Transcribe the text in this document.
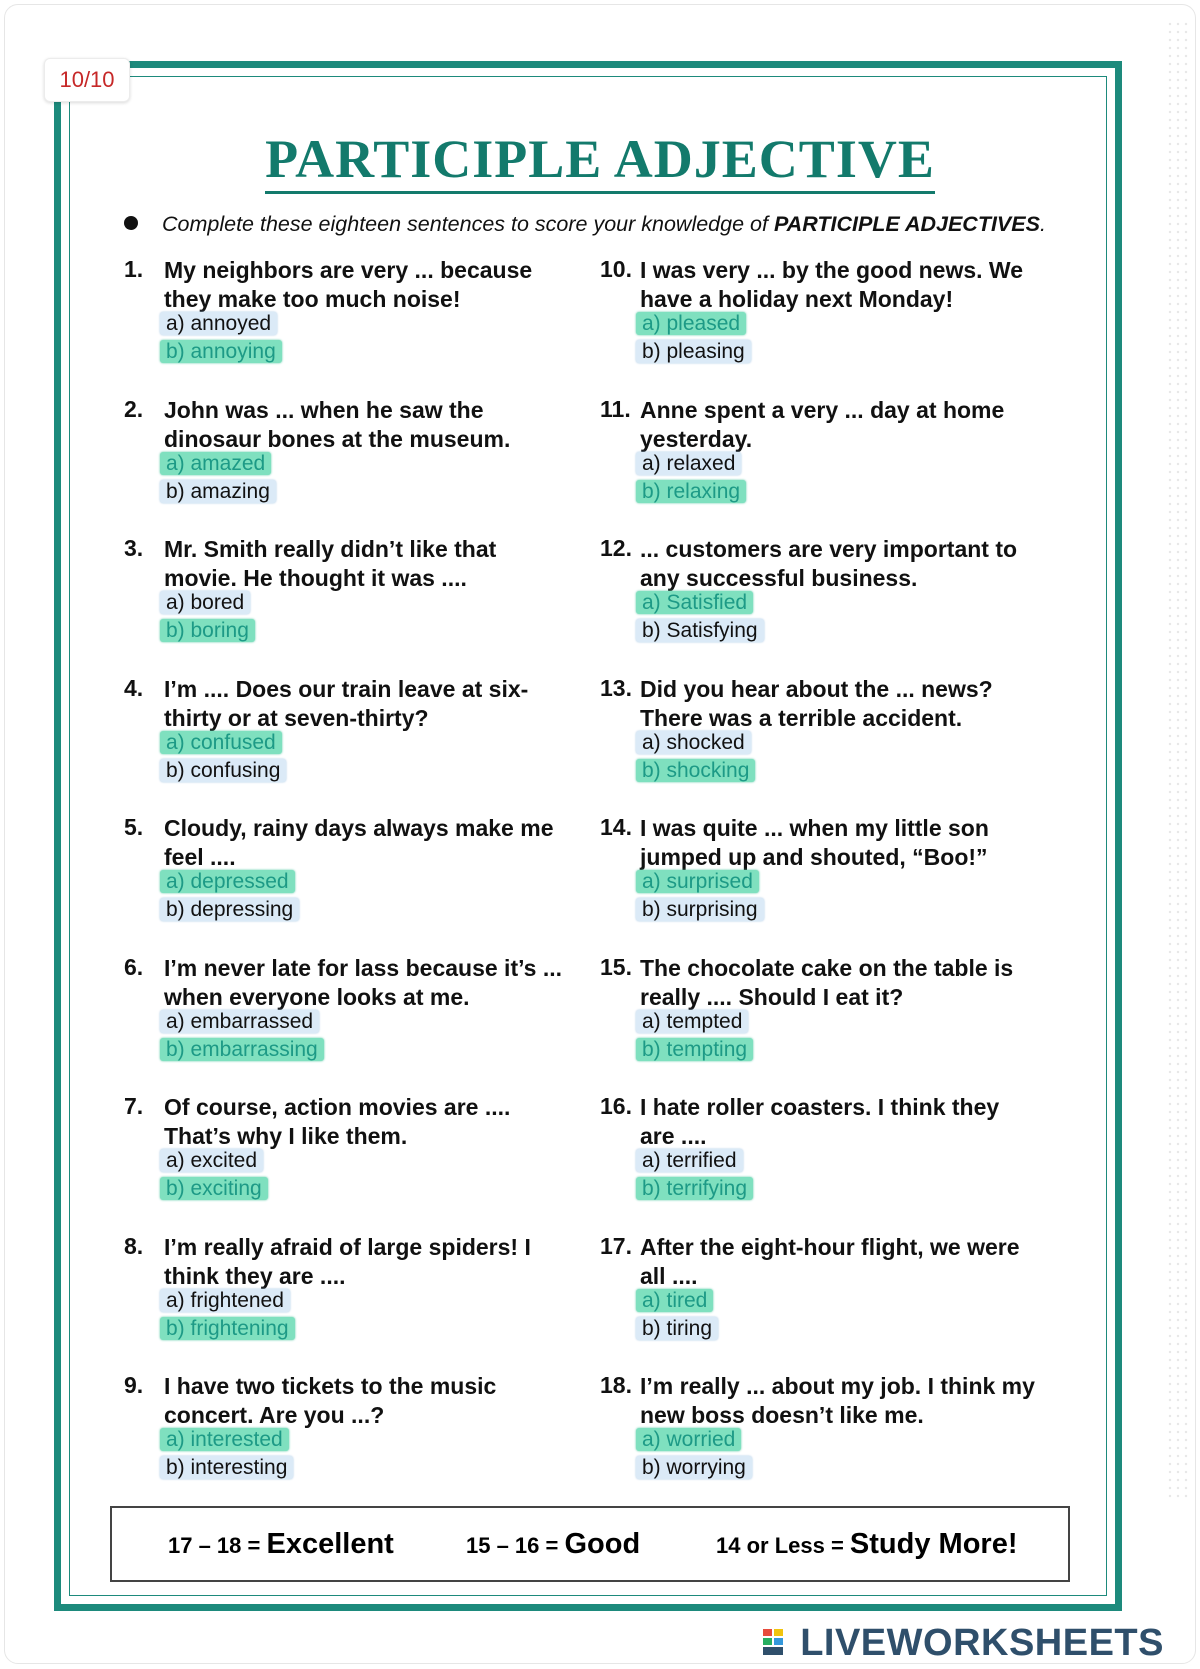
10/10
PARTICIPLE ADJECTIVE
Complete these eighteen sentences to score your knowledge of PARTICIPLE ADJECTIVES.
1. My neighbors are very ... because they make too much noise!
a) annoyed
b) annoying
2. John was ... when he saw the dinosaur bones at the museum.
a) amazed
b) amazing
3. Mr. Smith really didn’t like that movie. He thought it was ....
a) bored
b) boring
4. I’m .... Does our train leave at six-thirty or at seven-thirty?
a) confused
b) confusing
5. Cloudy, rainy days always make me feel ....
a) depressed
b) depressing
6. I’m never late for lass because it’s ... when everyone looks at me.
a) embarrassed
b) embarrassing
7. Of course, action movies are .... That’s why I like them.
a) excited
b) exciting
8. I’m really afraid of large spiders! I think they are ....
a) frightened
b) frightening
9. I have two tickets to the music concert. Are you ...?
a) interested
b) interesting
10. I was very ... by the good news. We have a holiday next Monday!
a) pleased
b) pleasing
11. Anne spent a very ... day at home yesterday.
a) relaxed
b) relaxing
12. ... customers are very important to any successful business.
a) Satisfied
b) Satisfying
13. Did you hear about the ... news? There was a terrible accident.
a) shocked
b) shocking
14. I was quite ... when my little son jumped up and shouted, “Boo!”
a) surprised
b) surprising
15. The chocolate cake on the table is really .... Should I eat it?
a) tempted
b) tempting
16. I hate roller coasters. I think they are ....
a) terrified
b) terrifying
17. After the eight-hour flight, we were all ....
a) tired
b) tiring
18. I’m really ... about my job. I think my new boss doesn’t like me.
a) worried
b) worrying
17 – 18 = Excellent	15 – 16 = Good	14 or Less = Study More!
LIVEWORKSHEETS
